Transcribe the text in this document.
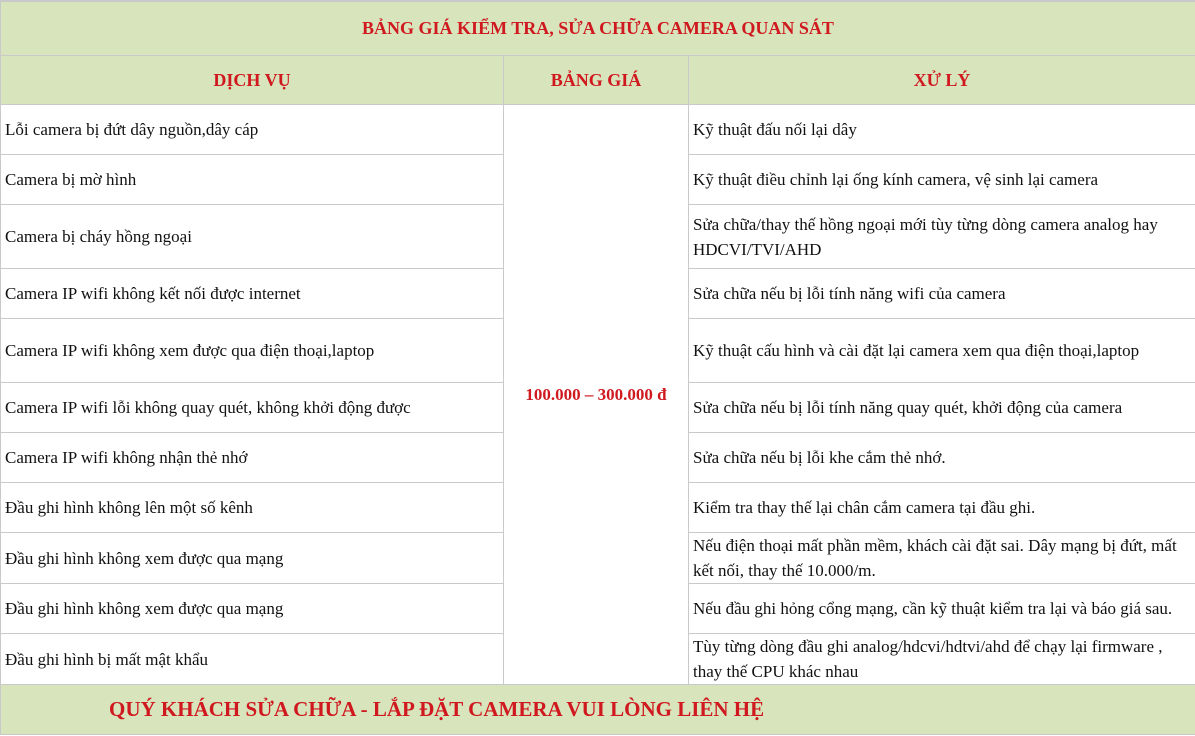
BẢNG GIÁ KIỂM TRA, SỬA CHỮA CAMERA QUAN SÁT		
DỊCH VỤ	BẢNG GIÁ	XỬ LÝ
Lỗi camera bị đứt dây nguồn,dây cáp	100.000 – 300.000 đ	Kỹ thuật đấu nối lại dây
Camera bị mờ hình		Kỹ thuật điều chỉnh lại ống kính camera, vệ sinh lại camera
Camera bị cháy hồng ngoại		Sửa chữa/thay thế hồng ngoại mới tùy từng dòng camera analog hay HDCVI/TVI/AHD
Camera IP wifi không kết nối được internet		Sửa chữa nếu bị lỗi tính năng wifi của camera
Camera IP wifi không xem được qua điện thoại,laptop		Kỹ thuật cấu hình và cài đặt lại camera xem qua điện thoại,laptop
Camera IP wifi lỗi không quay quét, không khởi động được		Sửa chữa nếu bị lỗi tính năng quay quét, khởi động của camera
Camera IP wifi không nhận thẻ nhớ		Sửa chữa nếu bị lỗi khe cắm thẻ nhớ.
Đầu ghi hình không lên một số kênh		Kiểm tra thay thế lại chân cắm camera tại đầu ghi.
Đầu ghi hình không xem được qua mạng		Nếu điện thoại mất phần mềm, khách cài đặt sai. Dây mạng bị đứt, mất kết nối, thay thế 10.000/m.
Đầu ghi hình không xem được qua mạng		Nếu đầu ghi hỏng cổng mạng, cần kỹ thuật kiểm tra lại và báo giá sau.
Đầu ghi hình bị mất mật khẩu		Tùy từng dòng đầu ghi analog/hdcvi/hdtvi/ahd để chạy lại firmware , thay thế CPU khác nhau
QUÝ KHÁCH SỬA CHỮA - LẮP ĐẶT CAMERA VUI LÒNG LIÊN HỆ		
